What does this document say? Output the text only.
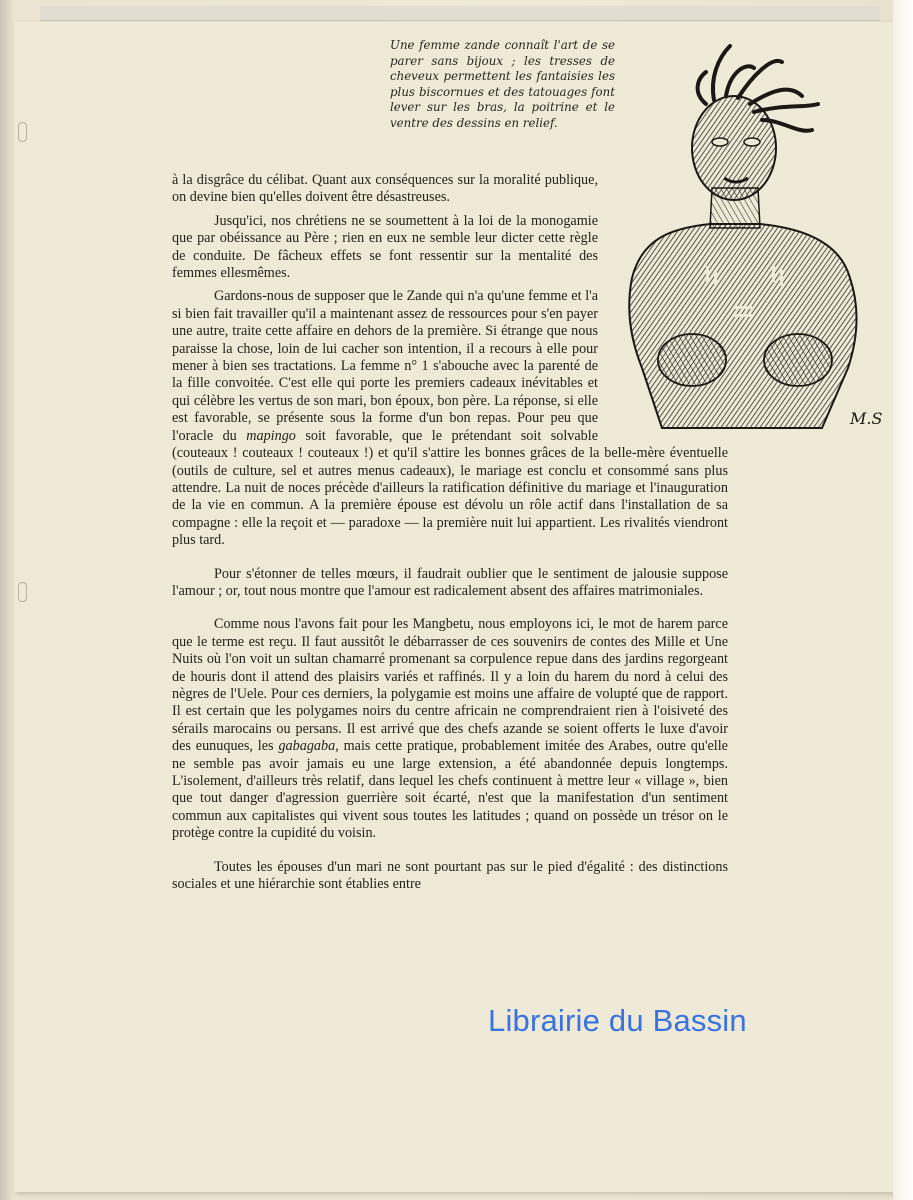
Une femme zande connaît l'art de se parer sans bijoux ; les tresses de cheveux permettent les fantaisies les plus biscornues et des tatouages font lever sur les bras, la poitrine et le ventre des dessins en relief.
M.S

à la disgrâce du célibat. Quant aux conséquences sur la moralité publique, on devine bien qu'elles doivent être désastreuses.

Jusqu'ici, nos chrétiens ne se soumettent à la loi de la monogamie que par obéissance au Père ; rien en eux ne semble leur dicter cette règle de conduite. De fâcheux effets se font ressentir sur la mentalité des femmes ellesmêmes.

Gardons-nous de supposer que le Zande qui n'a qu'une femme et l'a si bien fait travailler qu'il a maintenant assez de ressources pour s'en payer une autre, traite cette affaire en dehors de la première. Si étrange que nous paraisse la chose, loin de lui cacher son intention, il a recours à elle pour mener à bien ses tractations. La femme n° 1 s'abouche avec la parenté de la fille convoitée. C'est elle qui porte les premiers cadeaux inévitables et qui célèbre les vertus de son mari, bon époux, bon père. La réponse, si elle est favorable, se présente sous la forme d'un bon repas. Pour peu que l'oracle du mapingo soit favorable, que le prétendant soit solvable (couteaux ! couteaux ! couteaux !) et qu'il s'attire les bonnes grâces de la belle-mère éventuelle (outils de culture, sel et autres menus cadeaux), le mariage est conclu et consommé sans plus attendre. La nuit de noces précède d'ailleurs la ratification définitive du mariage et l'inauguration de la vie en commun. A la première épouse est dévolu un rôle actif dans l'installation de sa compagne : elle la reçoit et — paradoxe — la première nuit lui appartient. Les rivalités viendront plus tard.

Pour s'étonner de telles mœurs, il faudrait oublier que le sentiment de jalousie suppose l'amour ; or, tout nous montre que l'amour est radicalement absent des affaires matrimoniales.

Comme nous l'avons fait pour les Mangbetu, nous employons ici, le mot de harem parce que le terme est reçu. Il faut aussitôt le débarrasser de ces souvenirs de contes des Mille et Une Nuits où l'on voit un sultan chamarré promenant sa corpulence repue dans des jardins regorgeant de houris dont il attend des plaisirs variés et raffinés. Il y a loin du harem du nord à celui des nègres de l'Uele. Pour ces derniers, la polygamie est moins une affaire de volupté que de rapport. Il est certain que les polygames noirs du centre africain ne comprendraient rien à l'oisiveté des sérails marocains ou persans. Il est arrivé que des chefs azande se soient offerts le luxe d'avoir des eunuques, les gabagaba, mais cette pratique, probablement imitée des Arabes, outre qu'elle ne semble pas avoir jamais eu une large extension, a été abandonnée depuis longtemps. L'isolement, d'ailleurs très relatif, dans lequel les chefs continuent à mettre leur « village », bien que tout danger d'agression guerrière soit écarté, n'est que la manifestation d'un sentiment commun aux capitalistes qui vivent sous toutes les latitudes ; quand on possède un trésor on le protège contre la cupidité du voisin.

Toutes les épouses d'un mari ne sont pourtant pas sur le pied d'égalité : des distinctions sociales et une hiérarchie sont établies entre

Librairie du Bassin
